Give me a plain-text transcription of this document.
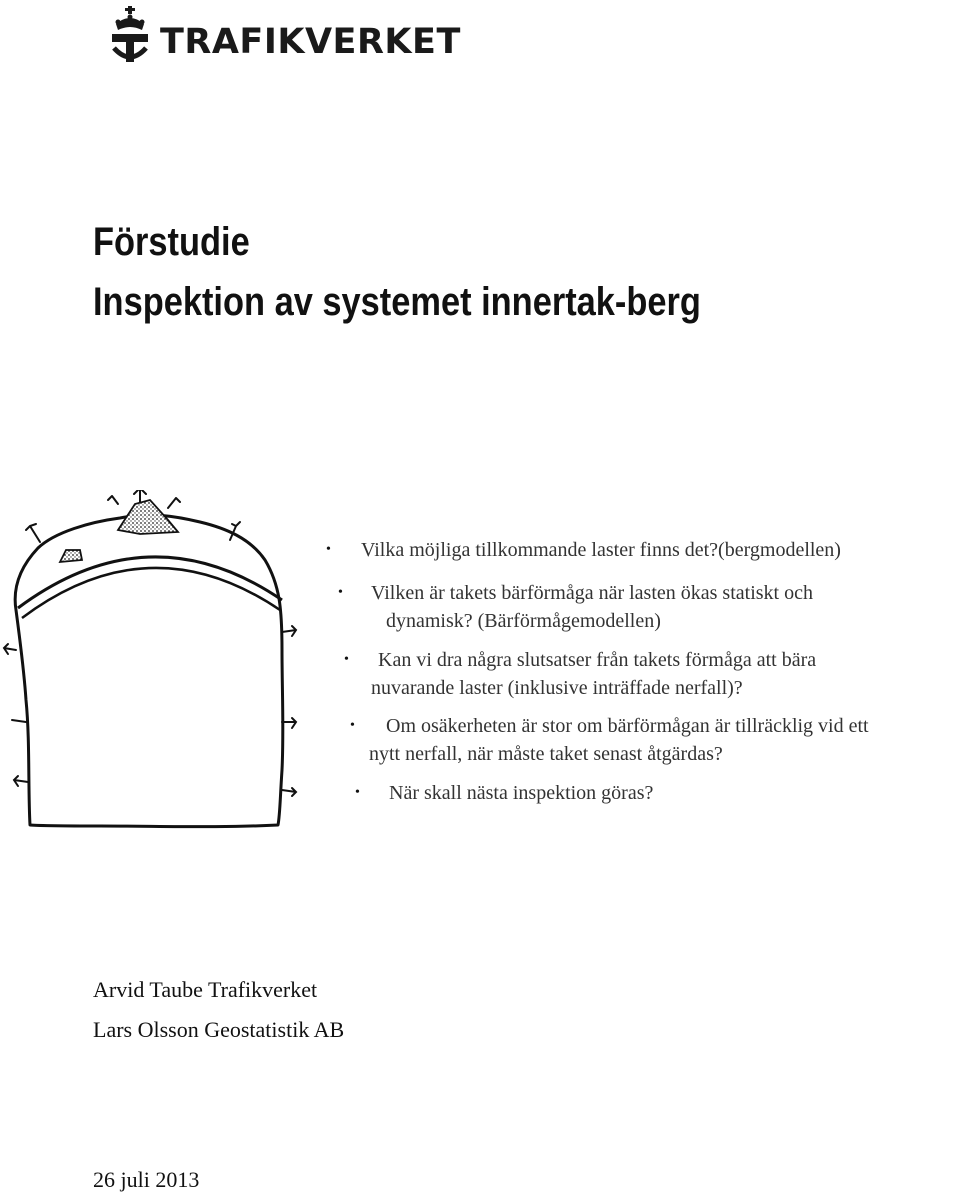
TRAFIKVERKET
Förstudie
Inspektion av systemet innertak-berg
• Vilka möjliga tillkommande laster finns det?(bergmodellen)
• Vilken är takets bärförmåga när lasten ökas statiskt och
dynamisk? (Bärförmågemodellen)
• Kan vi dra några slutsatser från takets förmåga att bära
nuvarande laster (inklusive inträffade nerfall)?
• Om osäkerheten är stor om bärförmågan är tillräcklig vid ett
nytt nerfall, när måste taket senast åtgärdas?
• När skall nästa inspektion göras?
Arvid Taube Trafikverket
Lars Olsson Geostatistik AB
26 juli 2013
